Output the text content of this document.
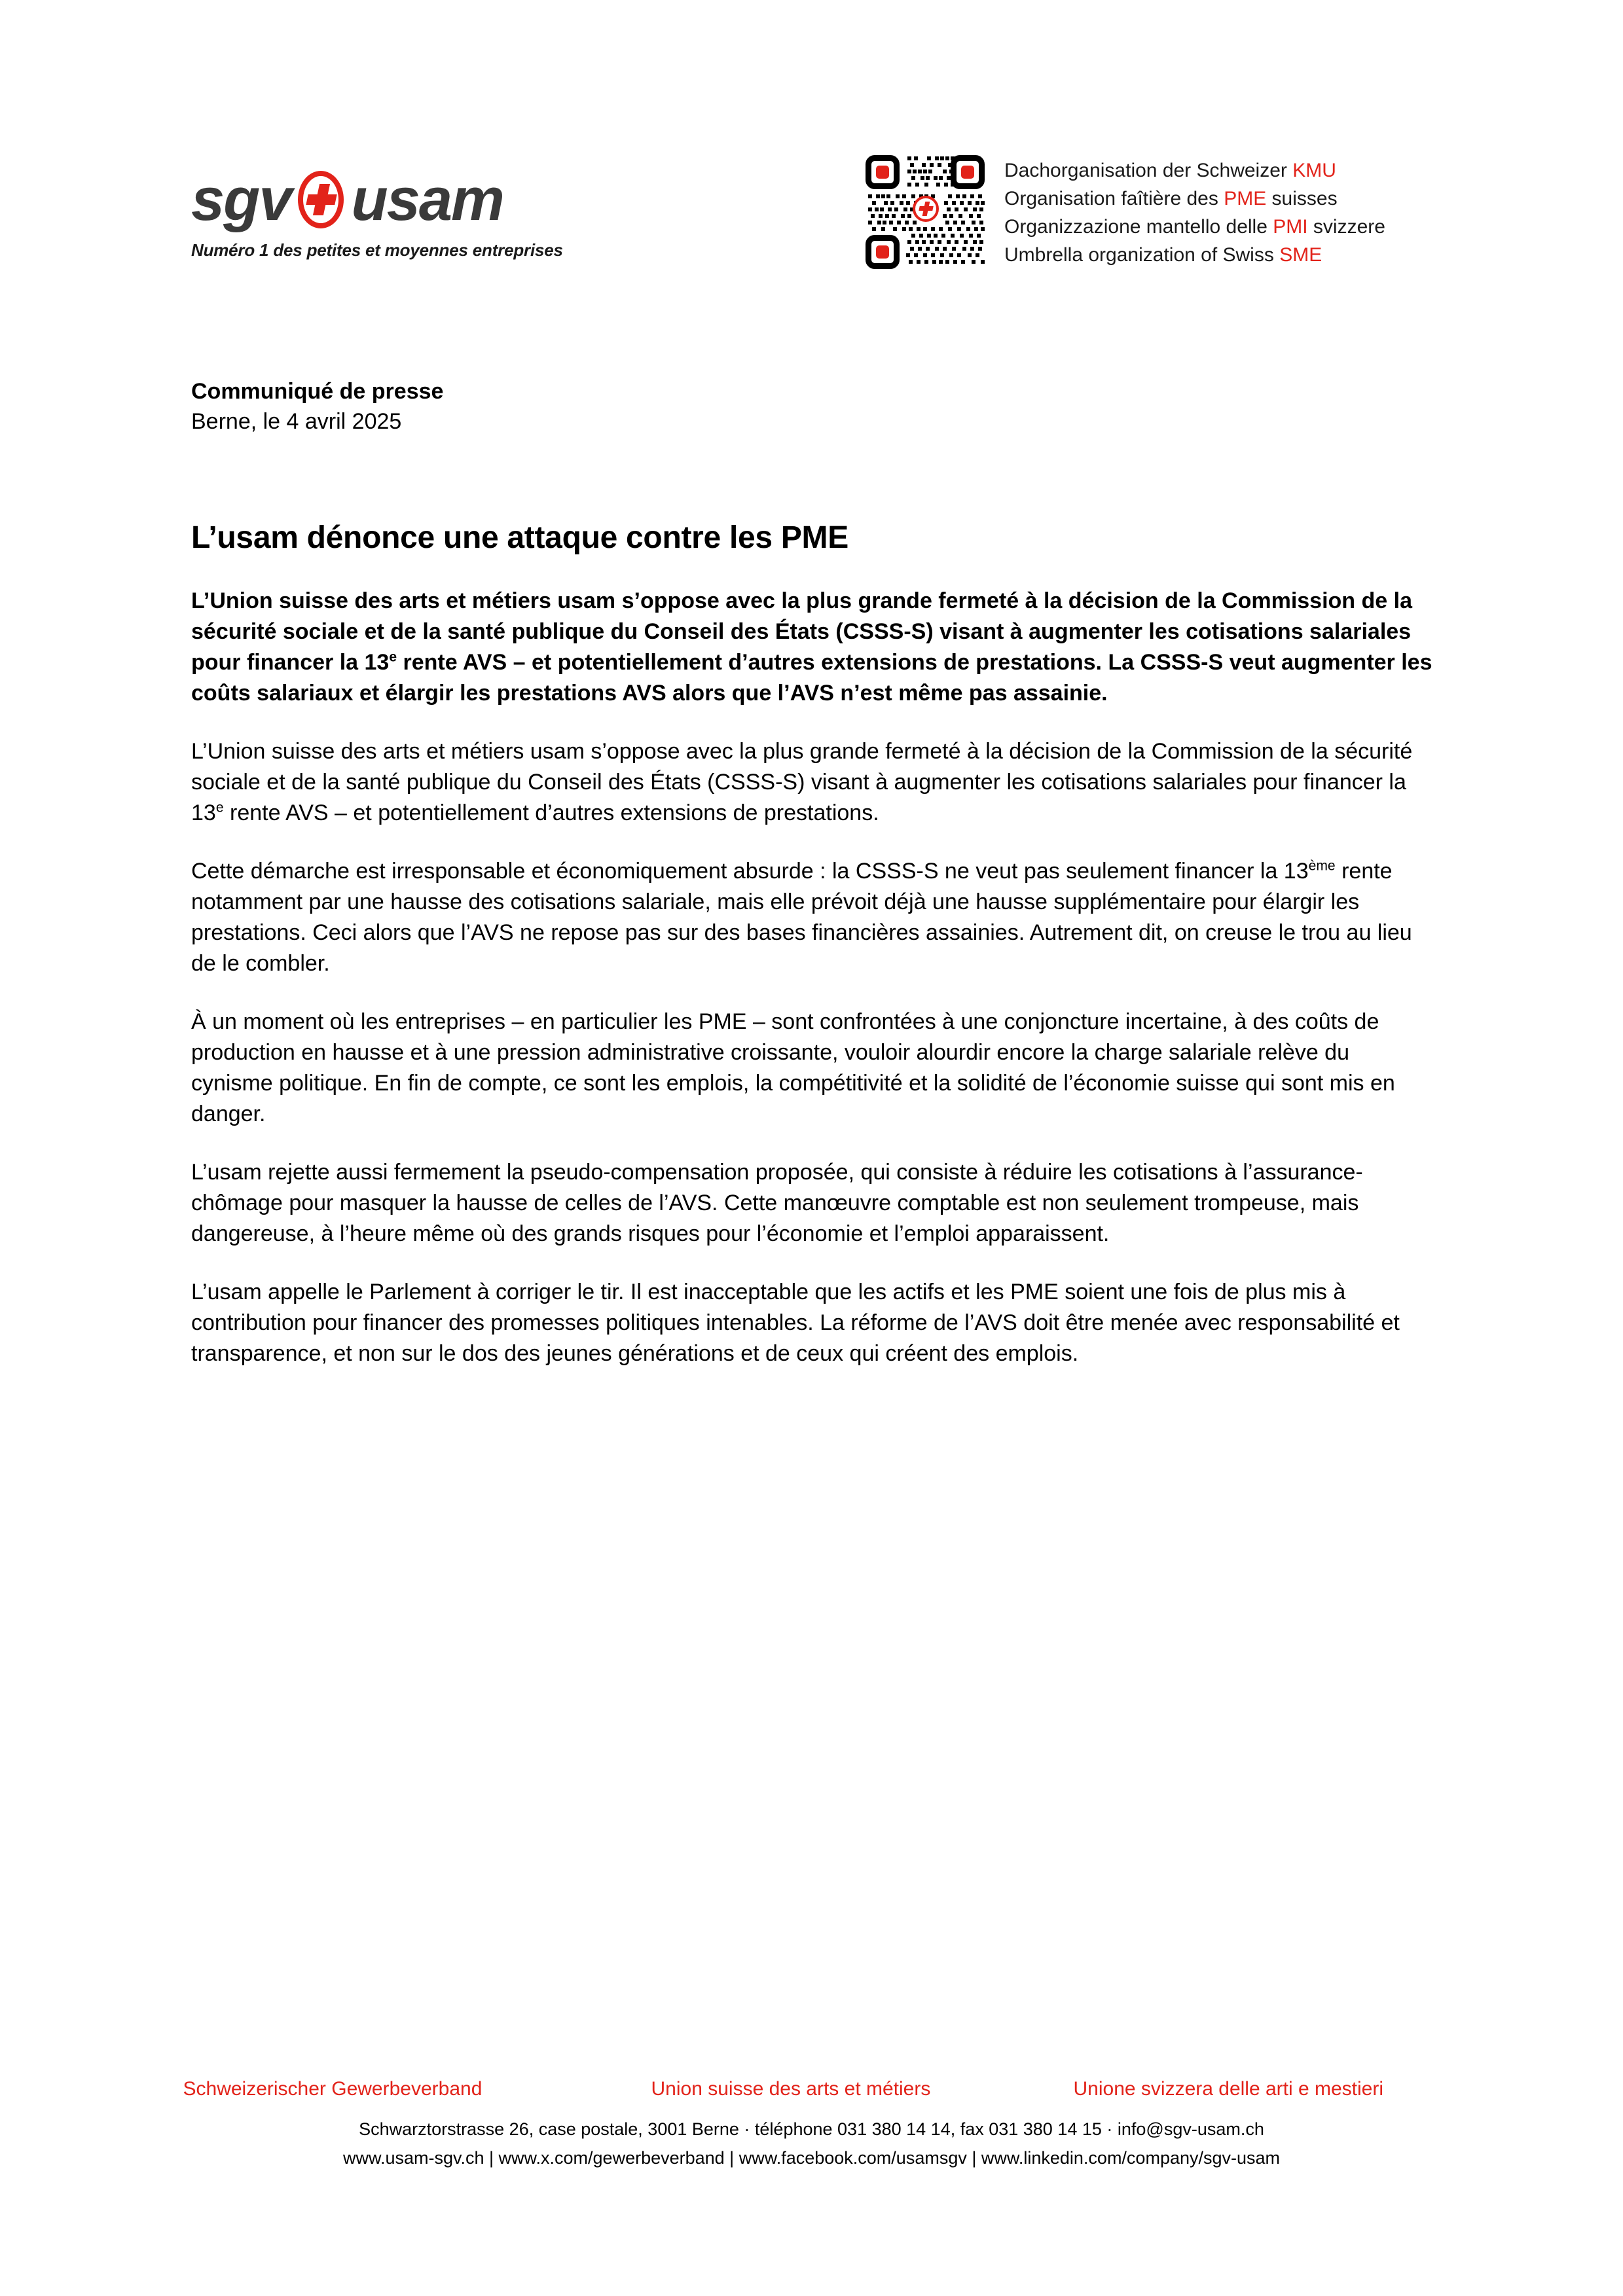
sgv usam
Numéro 1 des petites et moyennes entreprises
Dachorganisation der Schweizer KMU
Organisation faîtière des PME suisses
Organizzazione mantello delle PMI svizzere
Umbrella organization of Swiss SME
Communiqué de presse
Berne, le 4 avril 2025
L’usam dénonce une attaque contre les PME

L’Union suisse des arts et métiers usam s’oppose avec la plus grande fermeté à la décision de la Commission de la sécurité sociale et de la santé publique du Conseil des États (CSSS-S) visant à augmenter les cotisations salariales pour financer la 13e rente AVS – et potentiellement d’autres extensions de prestations. La CSSS-S veut augmenter les coûts salariaux et élargir les prestations AVS alors que l’AVS n’est même pas assainie.

L’Union suisse des arts et métiers usam s’oppose avec la plus grande fermeté à la décision de la Commission de la sécurité sociale et de la santé publique du Conseil des États (CSSS-S) visant à augmenter les cotisations salariales pour financer la 13e rente AVS – et potentiellement d’autres extensions de prestations.

Cette démarche est irresponsable et économiquement absurde : la CSSS-S ne veut pas seulement financer la 13ème rente notamment par une hausse des cotisations salariale, mais elle prévoit déjà une hausse supplémentaire pour élargir les prestations. Ceci alors que l’AVS ne repose pas sur des bases financières assainies. Autrement dit, on creuse le trou au lieu de le combler.

À un moment où les entreprises – en particulier les PME – sont confrontées à une conjoncture incertaine, à des coûts de production en hausse et à une pression administrative croissante, vouloir alourdir encore la charge salariale relève du cynisme politique. En fin de compte, ce sont les emplois, la compétitivité et la solidité de l’économie suisse qui sont mis en danger.

L’usam rejette aussi fermement la pseudo-compensation proposée, qui consiste à réduire les cotisations à l’assurance-chômage pour masquer la hausse de celles de l’AVS. Cette manœuvre comptable est non seulement trompeuse, mais dangereuse, à l’heure même où des grands risques pour l’économie et l’emploi apparaissent.

L’usam appelle le Parlement à corriger le tir. Il est inacceptable que les actifs et les PME soient une fois de plus mis à contribution pour financer des promesses politiques intenables. La réforme de l’AVS doit être menée avec responsabilité et transparence, et non sur le dos des jeunes générations et de ceux qui créent des emplois.

Schweizerischer Gewerbeverband	Union suisse des arts et métiers	Unione svizzera delle arti e mestieri
Schwarztorstrasse 26, case postale, 3001 Berne · téléphone 031 380 14 14, fax 031 380 14 15 · info@sgv-usam.ch
www.usam-sgv.ch | www.x.com/gewerbeverband | www.facebook.com/usamsgv | www.linkedin.com/company/sgv-usam
